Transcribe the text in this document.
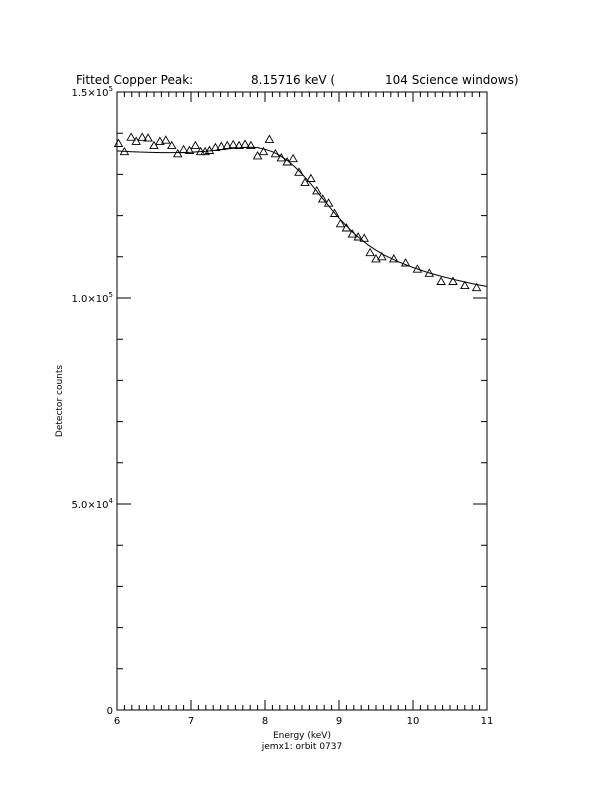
Fitted Copper Peak:	8.15716 keV (	104 Science windows)
6	7	8	9	10	11
0
$5.0\times 10^4$
$1.0\times 10^5$
$1.5\times 10^5$
Energy (keV)
jemx1: orbit 0737
Detector counts
